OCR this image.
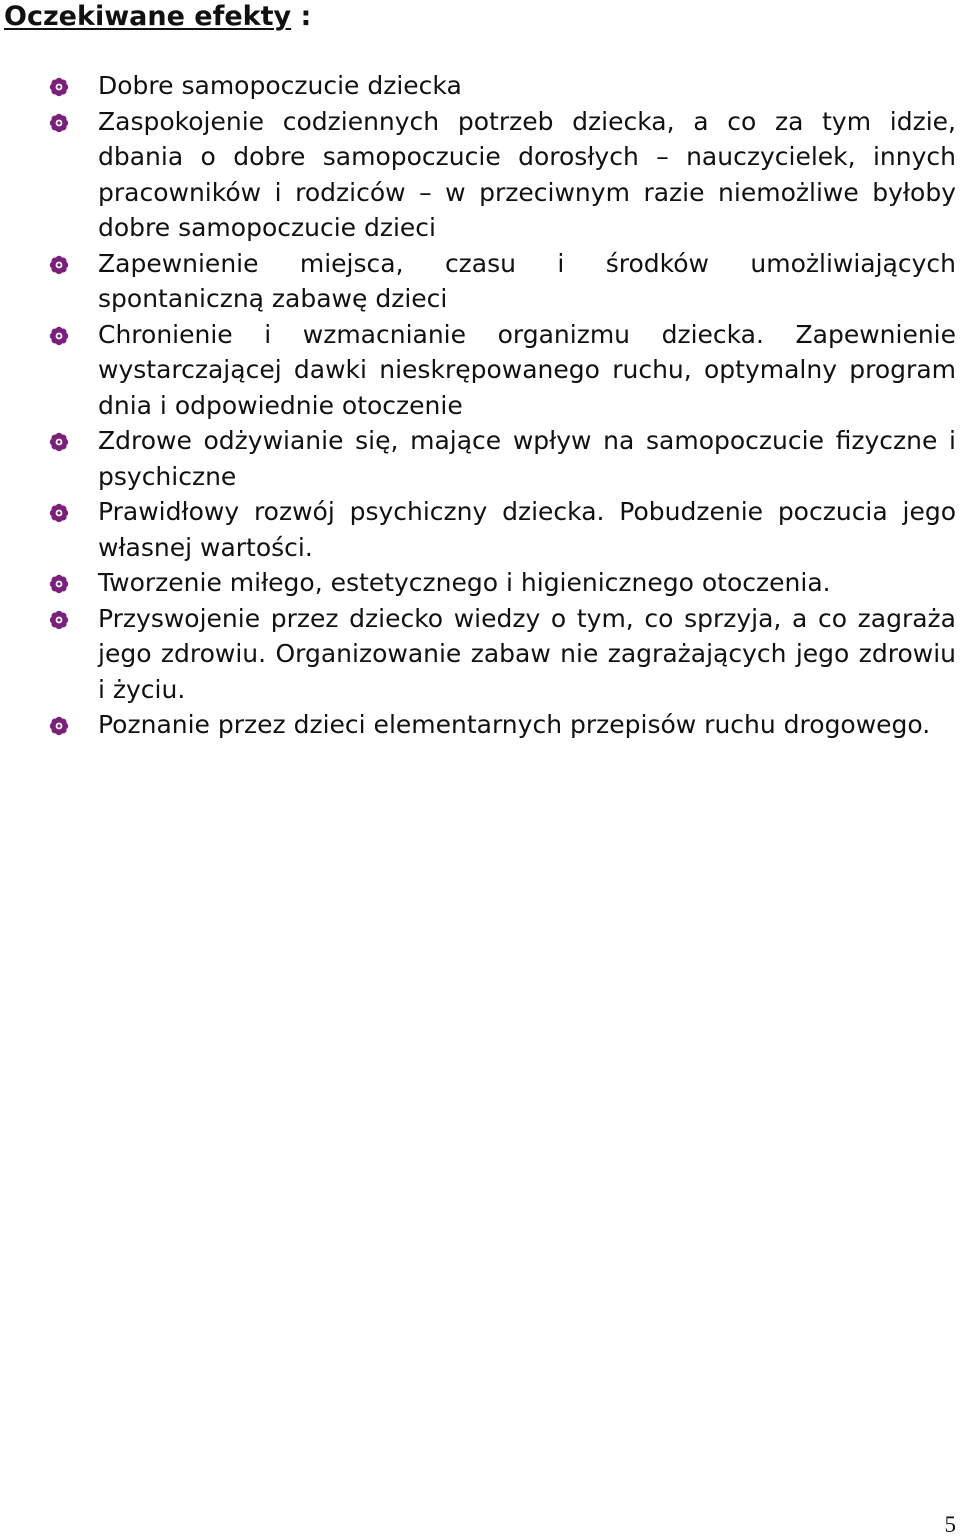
Oczekiwane efekty :
Dobre samopoczucie dziecka
Zaspokojenie codziennych potrzeb dziecka, a co za tym idzie, dbania o dobre samopoczucie dorosłych – nauczycielek, innych pracowników i rodziców – w przeciwnym razie niemożliwe byłoby dobre samopoczucie dzieci
Zapewnienie miejsca, czasu i środków umożliwiających spontaniczną zabawę dzieci
Chronienie i wzmacnianie organizmu dziecka. Zapewnienie wystarczającej dawki nieskrępowanego ruchu, optymalny program dnia i odpowiednie otoczenie
Zdrowe odżywianie się, mające wpływ na samopoczucie fizyczne i psychiczne
Prawidłowy rozwój psychiczny dziecka. Pobudzenie poczucia jego własnej wartości.
Tworzenie miłego, estetycznego i higienicznego otoczenia.
Przyswojenie przez dziecko wiedzy o tym, co sprzyja, a co zagraża jego zdrowiu. Organizowanie zabaw nie zagrażających jego zdrowiu i życiu.
Poznanie przez dzieci elementarnych przepisów ruchu drogowego.
5
